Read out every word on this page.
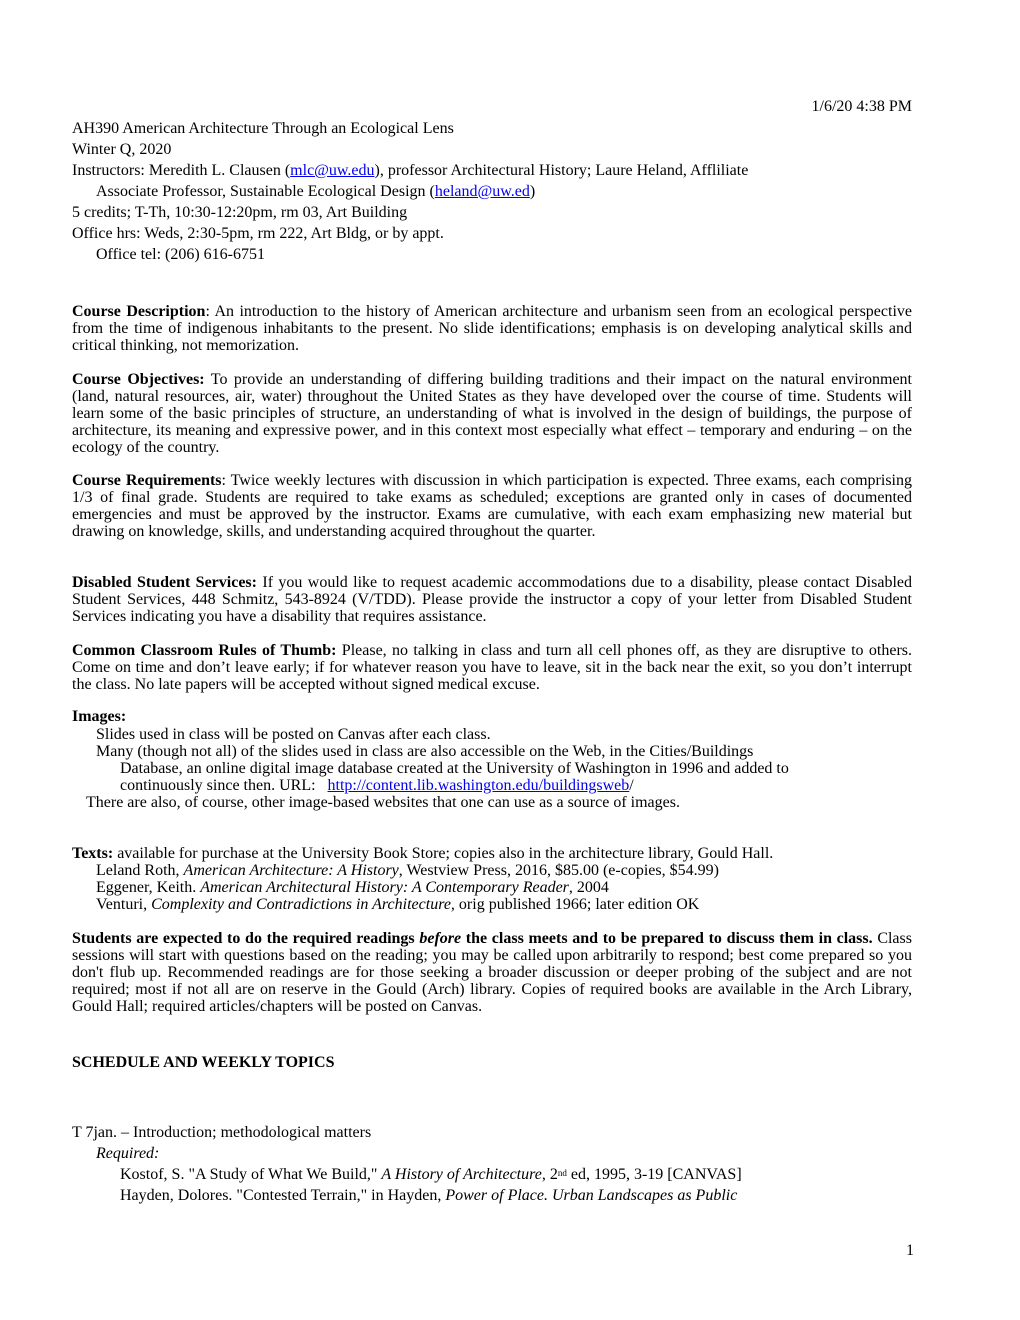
1/6/20 4:38 PM
AH390 American Architecture Through an Ecological Lens
Winter Q, 2020
Instructors: Meredith L. Clausen (mlc@uw.edu), professor Architectural History; Laure Heland, Affliliate
Associate Professor, Sustainable Ecological Design (heland@uw.ed)
5 credits; T-Th, 10:30-12:20pm, rm 03, Art Building
Office hrs: Weds, 2:30-5pm, rm 222, Art Bldg, or by appt.
Office tel: (206) 616-6751
Course Description: An introduction to the history of American architecture and urbanism seen from an ecological perspective from the time of indigenous inhabitants to the present. No slide identifications; emphasis is on developing analytical skills and critical thinking, not memorization.
Course Objectives: To provide an understanding of differing building traditions and their impact on the natural environment (land, natural resources, air, water) throughout the United States as they have developed over the course of time. Students will learn some of the basic principles of structure, an understanding of what is involved in the design of buildings, the purpose of architecture, its meaning and expressive power, and in this context most especially what effect – temporary and enduring – on the ecology of the country.
Course Requirements: Twice weekly lectures with discussion in which participation is expected. Three exams, each comprising 1/3 of final grade. Students are required to take exams as scheduled; exceptions are granted only in cases of documented emergencies and must be approved by the instructor. Exams are cumulative, with each exam emphasizing new material but drawing on knowledge, skills, and understanding acquired throughout the quarter.
Disabled Student Services: If you would like to request academic accommodations due to a disability, please contact Disabled Student Services, 448 Schmitz, 543-8924 (V/TDD). Please provide the instructor a copy of your letter from Disabled Student Services indicating you have a disability that requires assistance.
Common Classroom Rules of Thumb: Please, no talking in class and turn all cell phones off, as they are disruptive to others. Come on time and don’t leave early; if for whatever reason you have to leave, sit in the back near the exit, so you don’t interrupt the class. No late papers will be accepted without signed medical excuse.
Images:
Slides used in class will be posted on Canvas after each class.
Many (though not all) of the slides used in class are also accessible on the Web, in the Cities/Buildings
Database, an online digital image database created at the University of Washington in 1996 and added to
continuously since then. URL: http://content.lib.washington.edu/buildingsweb/
There are also, of course, other image-based websites that one can use as a source of images.
Texts: available for purchase at the University Book Store; copies also in the architecture library, Gould Hall.
Leland Roth, American Architecture: A History, Westview Press, 2016, $85.00 (e-copies, $54.99)
Eggener, Keith. American Architectural History: A Contemporary Reader, 2004
Venturi, Complexity and Contradictions in Architecture, orig published 1966; later edition OK
Students are expected to do the required readings before the class meets and to be prepared to discuss them in class. Class sessions will start with questions based on the reading; you may be called upon arbitrarily to respond; best come prepared so you don't flub up. Recommended readings are for those seeking a broader discussion or deeper probing of the subject and are not required; most if not all are on reserve in the Gould (Arch) library. Copies of required books are available in the Arch Library, Gould Hall; required articles/chapters will be posted on Canvas.
SCHEDULE AND WEEKLY TOPICS
T 7jan. – Introduction; methodological matters
Required:
Kostof, S. "A Study of What We Build," A History of Architecture, 2nd ed, 1995, 3-19 [CANVAS]
Hayden, Dolores. "Contested Terrain," in Hayden, Power of Place. Urban Landscapes as Public
1
